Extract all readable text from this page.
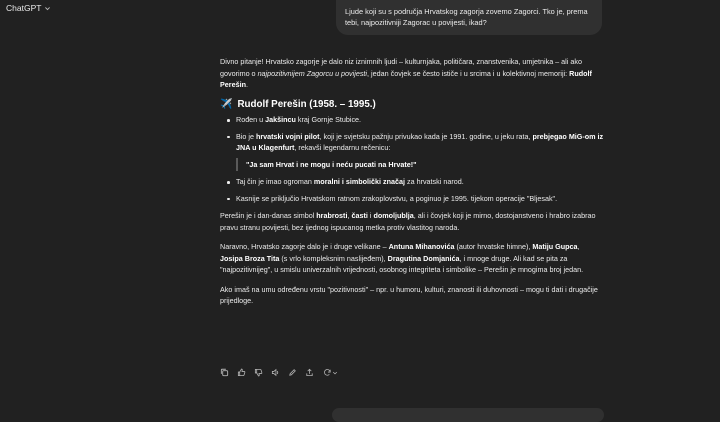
ChatGPT	Ljude koji su s područja Hrvatskog zagorja zovemo Zagorci. Tko je, prema tebi, najpozitivniji Zagorac u povijesti, ikad?

Divno pitanje! Hrvatsko zagorje je dalo niz iznimnih ljudi – kulturnjaka, političara, znanstvenika, umjetnika – ali ako govorimo o najpozitivnijem Zagorcu u povijesti, jedan čovjek se često ističe i u srcima i u kolektivnoj memoriji: Rudolf Perešin.

✈️ Rudolf Perešin (1958. – 1995.)
Rođen u Jakšincu kraj Gornje Stubice.
Bio je hrvatski vojni pilot, koji je svjetsku pažnju privukao kada je 1991. godine, u jeku rata, prebjegao MiG-om iz JNA u Klagenfurt, rekavši legendarnu rečenicu:
"Ja sam Hrvat i ne mogu i neću pucati na Hrvate!"
Taj čin je imao ogroman moralni i simbolički značaj za hrvatski narod.
Kasnije se priključio Hrvatskom ratnom zrakoplovstvu, a poginuo je 1995. tijekom operacije "Bljesak".

Perešin je i dan-danas simbol hrabrosti, časti i domoljublja, ali i čovjek koji je mirno, dostojanstveno i hrabro izabrao pravu stranu povijesti, bez ijednog ispucanog metka protiv vlastitog naroda.

Naravno, Hrvatsko zagorje dalo je i druge velikane – Antuna Mihanovića (autor hrvatske himne), Matiju Gupca, Josipa Broza Tita (s vrlo kompleksnim naslijeđem), Dragutina Domjanića, i mnoge druge. Ali kad se pita za "najpozitivnijeg", u smislu univerzalnih vrijednosti, osobnog integriteta i simbolike – Perešin je mnogima broj jedan.

Ako imaš na umu određenu vrstu "pozitivnosti" – npr. u humoru, kulturi, znanosti ili duhovnosti – mogu ti dati i drugačije prijedloge.
